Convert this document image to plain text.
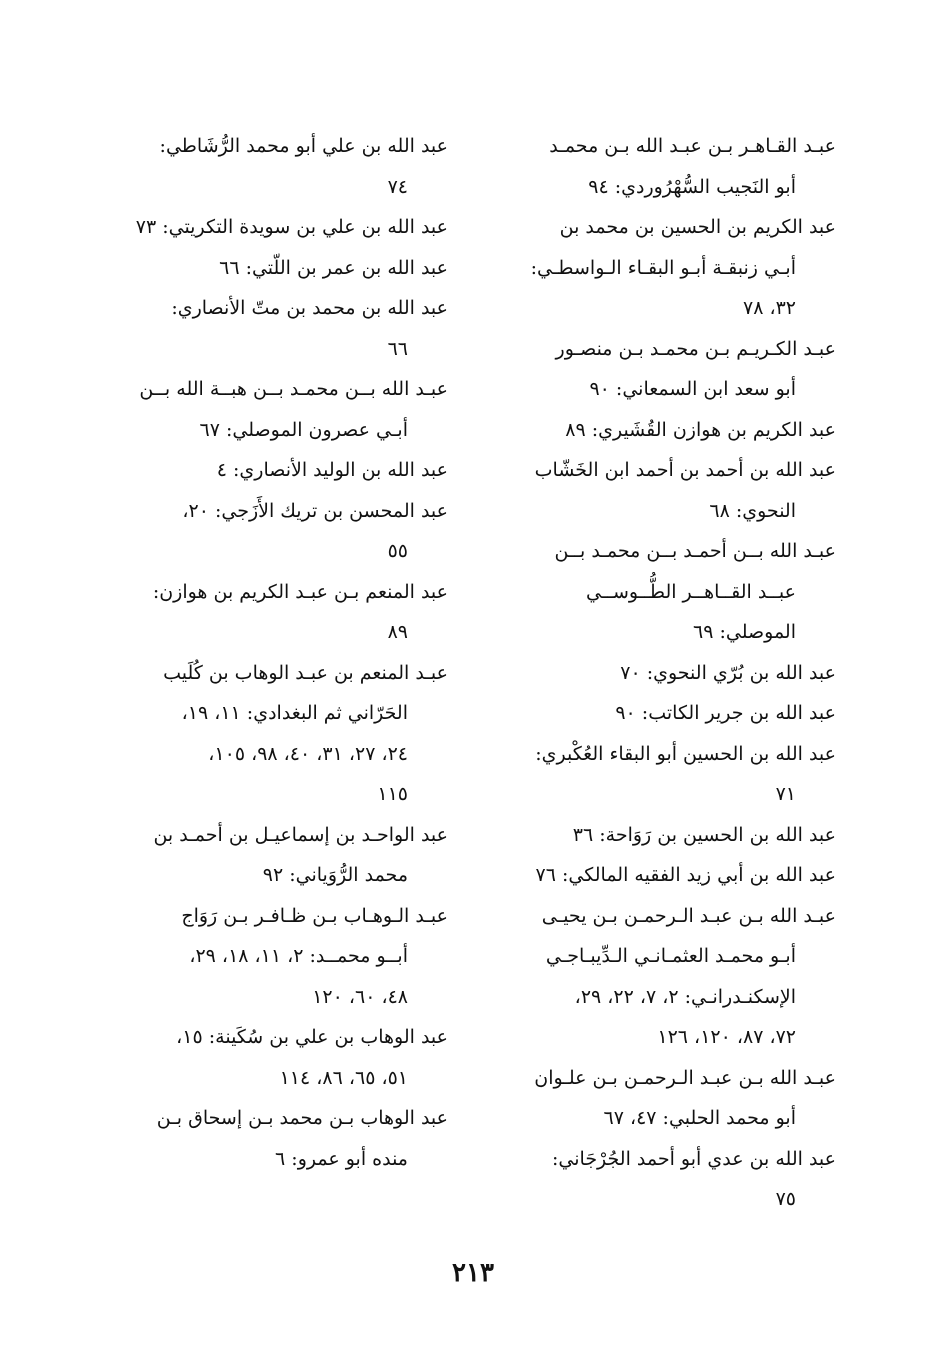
عبـد القـاهـر بـن عبـد الله بـن محمـد
أبو النَجيب السُّهْرُوردي: ٩٤
عبد الكريم بن الحسين بن محمد بن
أبـي زنبقـة أبـو البقـاء الـواسطـي:
٣٢، ٧٨
عبـد الكـريـم بـن محمـد بـن منصـور
أبو سعد ابن السمعاني: ٩٠
عبد الكريم بن هوازن القُشَيري: ٨٩
عبد الله بن أحمد بن أحمد ابن الخَشّاب
النحوي: ٦٨
عبـد الله بــن أحمـد بــن محمـد بــن
عبــد القــاهــر الطُّــوســي
الموصلي: ٦٩
عبد الله بن بُرّي النحوي: ٧٠
عبد الله بن جرير الكاتب: ٩٠
عبد الله بن الحسين أبو البقاء العُكْبري:
٧١
عبد الله بن الحسين بن رَوَاحة: ٣٦
عبد الله بن أبي زيد الفقيه المالكي: ٧٦
عبـد الله بـن عبـد الـرحمـن بـن يحيـى
أبـو محمـد العثمـانـي الـدِّيبـاجـي
الإسكنـدرانـي: ٢، ٧، ٢٢، ٢٩،
٧٢، ٨٧، ١٢٠، ١٢٦
عبـد الله بـن عبـد الـرحمـن بـن علـوان
أبو محمد الحلبي: ٤٧، ٦٧
عبد الله بن عدي أبو أحمد الجُرْجَاني:
٧٥
عبد الله بن علي أبو محمد الرُّشَاطي:
٧٤
عبد الله بن علي بن سويدة التكريتي: ٧٣
عبد الله بن عمر بن اللّتي: ٦٦
عبد الله بن محمد بن متّ الأنصاري:
٦٦
عبـد الله بــن محمـد بــن هبــة الله بــن
أبـي عصرون الموصلي: ٦٧
عبد الله بن الوليد الأنصاري: ٤
عبد المحسن بن تريك الأَزَجي: ٢٠،
٥٥
عبد المنعم بـن عبـد الكريم بن هوازن:
٨٩
عبـد المنعم بن عبـد الوهاب بن كُلَيب
الحَرّاني ثم البغدادي: ١١، ١٩،
٢٤، ٢٧، ٣١، ٤٠، ٩٨، ١٠٥،
١١٥
عبد الواحـد بن إسماعيـل بن أحمـد بن
محمد الرُّوَياني: ٩٢
عبـد الـوهـاب بـن ظـافـر بـن رَوَاج
أبــو محمــد: ٢، ١١، ١٨، ٢٩،
٤٨، ٦٠، ١٢٠
عبد الوهاب بن علي بن سُكَينة: ١٥،
٥١، ٦٥، ٨٦، ١١٤
عبد الوهاب بـن محمد بـن إسحاق بـن
منده أبو عمرو: ٦
٢١٣
